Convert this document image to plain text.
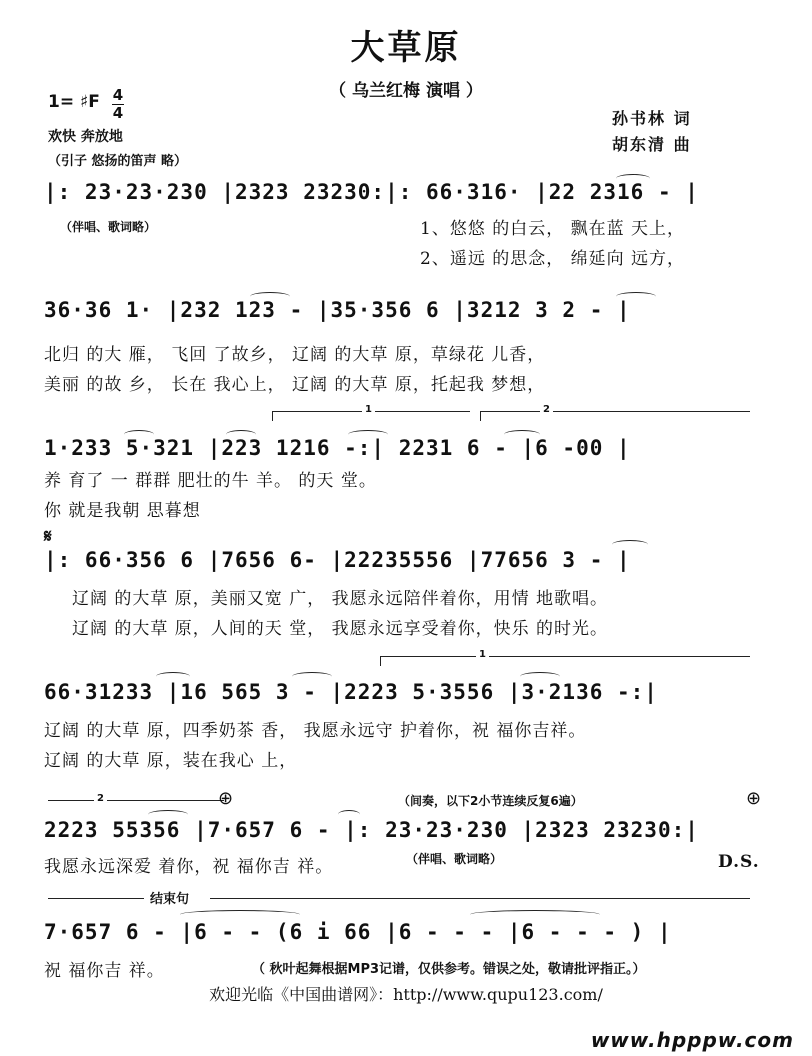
大草原
（ 乌兰红梅 演唱 ）
1= ♯F 4
4
欢快 奔放地
（引子 悠扬的笛声 略）
孙书林 词
胡东清 曲
|: 23·23·230 |2323 23230:|: 66·316· |22 2316 - |
（伴唱、歌词略）	1、悠悠 的白云， 飘在蓝 天上，
2、遥远 的思念， 绵延向 远方，
36·36 1· |232 123 - |35·356 6 |3212 3 2 - |
北归 的大 雁， 飞回 了故乡， 辽阔 的大草 原，草绿花 儿香，
美丽 的故 乡， 长在 我心上， 辽阔 的大草 原，托起我 梦想，
1	2
1·233 5·321 |223 1216 -:| 2231 6 - |6 -00 |
养 育了 一 群群 肥壮的牛 羊。 的天 堂。
你 就是我朝 思暮想
𝄋
|: 66·356 6 |7656 6- |22235556 |77656 3 - |
辽阔 的大草 原，美丽又宽 广， 我愿永远陪伴着你，用情 地歌唱。
辽阔 的大草 原，人间的天 堂， 我愿永远享受着你，快乐 的时光。
1
66·31233 |16 565 3 - |2223 5·3556 |3·2136 -:|
辽阔 的大草 原，四季奶茶 香， 我愿永远守 护着你，祝 福你吉祥。
辽阔 的大草 原，装在我心 上，
2	⊕	⊕
（间奏，以下2小节连续反复6遍）
2223 55356 |7·657 6 - |: 23·23·230 |2323 23230:|
我愿永远深爱 着你，祝 福你吉 祥。	（伴唱、歌词略）	D.S.
结束句
7·657 6 - |6 - - (6 i 66 |6 - - - |6 - - - ) |
祝 福你吉 祥。	（ 秋叶起舞根据MP3记谱，仅供参考。错误之处，敬请批评指正。）
欢迎光临《中国曲谱网》：http://www.qupu123.com/
www.hpppw.com
